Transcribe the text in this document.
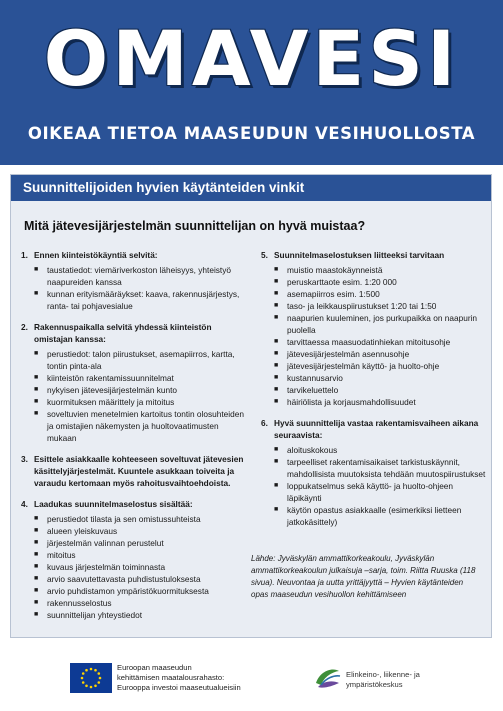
OMAVESI
OIKEAA TIETOA MAASEUDUN VESIHUOLLOSTA
Suunnittelijoiden hyvien käytänteiden vinkit
Mitä jätevesijärjestelmän suunnittelijan on hyvä muistaa?
1. Ennen kiinteistökäyntiä selvitä:
■	taustatiedot: viemäriverkoston läheisyys, yhteistyö naapureiden kanssa
■	kunnan erityismääräykset: kaava, rakennusjärjestys, ranta- tai pohjavesialue
2. Rakennuspaikalla selvitä yhdessä kiinteistön omistajan kanssa:
■	perustiedot: talon piirustukset, asemapiirros, kartta, tontin pinta-ala
■	kiinteistön rakentamissuunnitelmat
■	nykyisen jätevesijärjestelmän kunto
■	kuormituksen määrittely ja mitoitus
■	soveltuvien menetelmien kartoitus tontin olosuhteiden ja omistajien näkemysten ja huoltovaatimusten mukaan
3. Esittele asiakkaalle kohteeseen soveltuvat jätevesien käsittelyjärjestelmät. Kuuntele asukkaan toiveita ja varaudu kertomaan myös rahoitusvaihtoehdoista.
4. Laadukas suunnitelmaselostus sisältää:
■	perustiedot tilasta ja sen omistussuhteista
■	alueen yleiskuvaus
■	järjestelmän valinnan perustelut
■	mitoitus
■	kuvaus järjestelmän toiminnasta
■	arvio saavutettavasta puhdistustuloksesta
■	arvio puhdistamon ympäristökuormituksesta
■	rakennusselostus
■	suunnittelijan yhteystiedot
5. Suunnitelmaselostuksen liitteeksi tarvitaan
■	muistio maastokäynneistä
■	peruskarttaote esim. 1:20 000
■	asemapiirros esim. 1:500
■	taso- ja leikkauspiirustukset 1:20 tai 1:50
■	naapurien kuuleminen, jos purkupaikka on naapurin puolella
■	tarvittaessa maasuodatinhiekan mitoitusohje
■	jätevesijärjestelmän asennusohje
■	jätevesijärjestelmän käyttö- ja huolto-ohje
■	kustannusarvio
■	tarvikeluettelo
■	häiriölista ja korjausmahdollisuudet
6. Hyvä suunnittelija vastaa rakentamisvaiheen aikana seuraavista:
■	aloituskokous
■	tarpeelliset rakentamisaikaiset tarkistuskäynnit, mahdollisista muutoksista tehdään muutospiirustukset
■	loppukatselmus sekä käyttö- ja huolto-ohjeen läpikäynti
■	käytön opastus asiakkaalle (esimerkiksi lietteen jatkokäsittely)
Lähde: Jyväskylän ammattikorkeakoulu, Jyväskylän ammattikorkeakoulun julkaisuja –sarja, toim. Riitta Ruuska (118 sivua). Neuvontaa ja uutta yrittäjyyttä – Hyvien käytänteiden opas maaseudun vesihuollon kehittämiseen
Euroopan maaseudun
kehittämisen maatalousrahasto:
Eurooppa investoi maaseutualueisiin
Elinkeino-, liikenne- ja
ympäristökeskus
